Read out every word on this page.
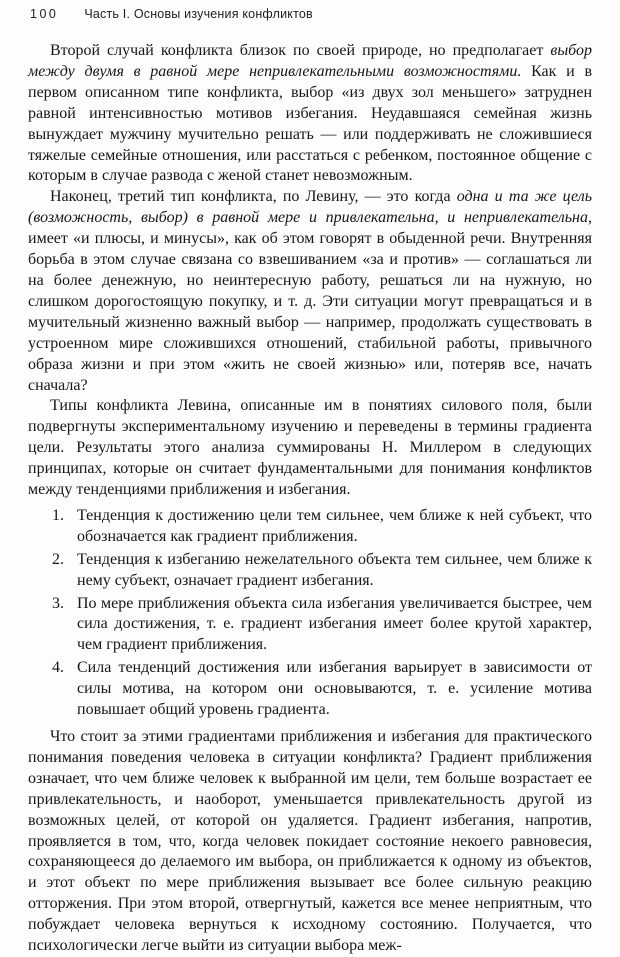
100 Часть I. Основы изучения конфликтов

Второй случай конфликта близок по своей природе, но предполагает выбор между двумя в равной мере непривлекательными возможностями. Как и в первом описанном типе конфликта, выбор «из двух зол меньшего» затруднен равной интенсивностью мотивов избегания. Неудавшаяся семейная жизнь вынуждает мужчину мучительно решать — или поддерживать не сложившиеся тяжелые семейные отношения, или расстаться с ребенком, постоянное общение с которым в случае развода с женой станет невозможным.

Наконец, третий тип конфликта, по Левину, — это когда одна и та же цель (возможность, выбор) в равной мере и привлекательна, и непривлекательна, имеет «и плюсы, и минусы», как об этом говорят в обыденной речи. Внутренняя борьба в этом случае связана со взвешиванием «за и против» — соглашаться ли на более денежную, но неинтересную работу, решаться ли на нужную, но слишком дорогостоящую покупку, и т. д. Эти ситуации могут превращаться и в мучительный жизненно важный выбор — например, продолжать существовать в устроенном мире сложившихся отношений, стабильной работы, привычного образа жизни и при этом «жить не своей жизнью» или, потеряв все, начать сначала?

Типы конфликта Левина, описанные им в понятиях силового поля, были подвергнуты экспериментальному изучению и переведены в термины градиента цели. Результаты этого анализа суммированы Н. Миллером в следующих принципах, которые он считает фундаментальными для понимания конфликтов между тенденциями приближения и избегания.

1. Тенденция к достижению цели тем сильнее, чем ближе к ней субъект, что обозначается как градиент приближения.
2. Тенденция к избеганию нежелательного объекта тем сильнее, чем ближе к нему субъект, означает градиент избегания.
3. По мере приближения объекта сила избегания увеличивается быстрее, чем сила достижения, т. е. градиент избегания имеет более крутой характер, чем градиент приближения.
4. Сила тенденций достижения или избегания варьирует в зависимости от силы мотива, на котором они основываются, т. е. усиление мотива повышает общий уровень градиента.

Что стоит за этими градиентами приближения и избегания для практического понимания поведения человека в ситуации конфликта? Градиент приближения означает, что чем ближе человек к выбранной им цели, тем больше возрастает ее привлекательность, и наоборот, уменьшается привлекательность другой из возможных целей, от которой он удаляется. Градиент избегания, напротив, проявляется в том, что, когда человек покидает состояние некоего равновесия, сохраняющееся до делаемого им выбора, он приближается к одному из объектов, и этот объект по мере приближения вызывает все более сильную реакцию отторжения. При этом второй, отвергнутый, кажется все менее неприятным, что побуждает человека вернуться к исходному состоянию. Получается, что психологически легче выйти из ситуации выбора меж-
